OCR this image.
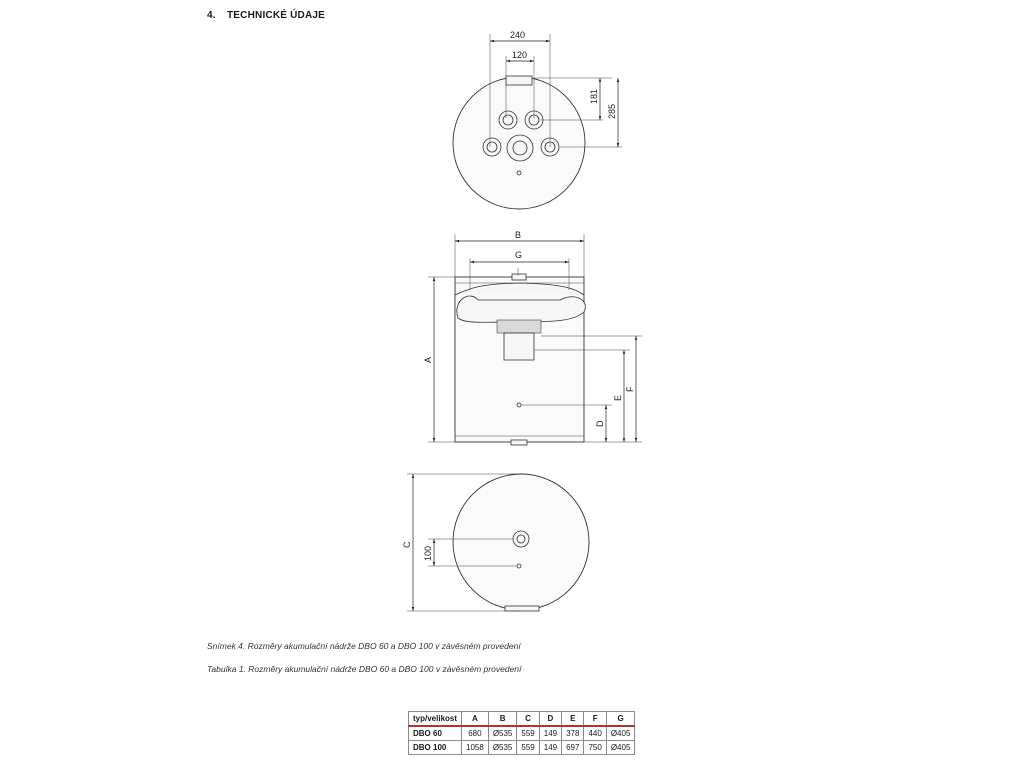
4. TECHNICKÉ ÚDAJE
240
120
181
285
B
G
A
F
E
D
C
100
Snímek 4. Rozměry akumulační nádrže DBO 60 a DBO 100 v závěsném provedení
Tabulka 1. Rozměry akumulační nádrže DBO 60 a DBO 100 v závěsném provedení
typ/velikost	A	B	C	D	E	F	G
DBO 60	680	Ø535	559	149	378	440	Ø405
DBO 100	1058	Ø535	559	149	697	750	Ø405
